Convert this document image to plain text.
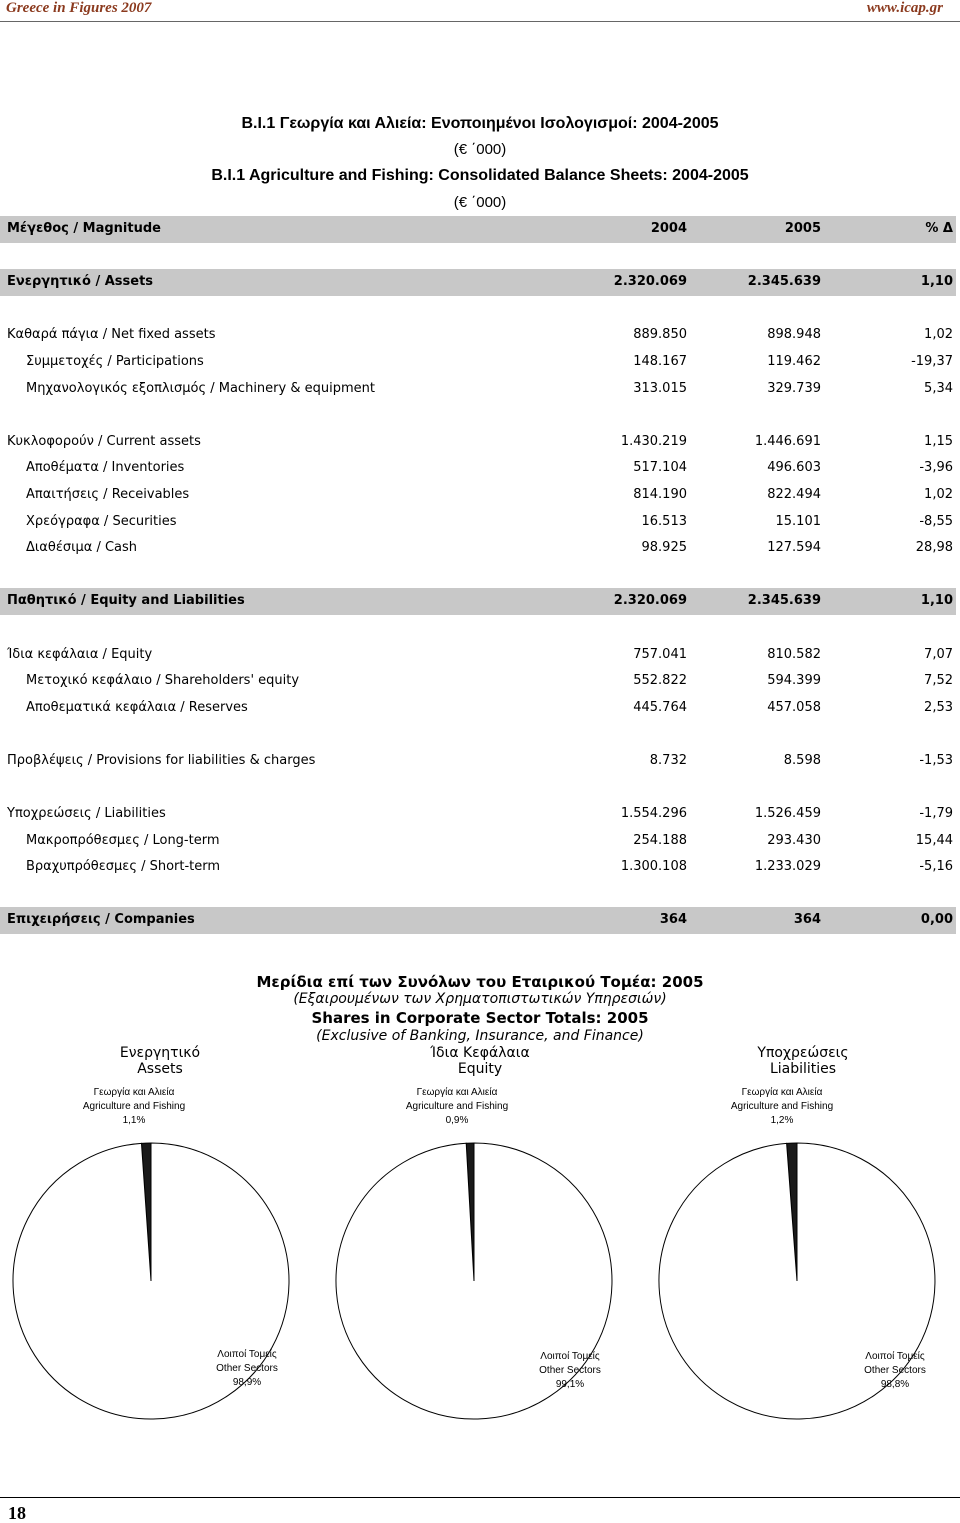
Greece in Figures 2007	www.icap.gr
B.I.1 Γεωργία και Αλιεία: Ενοποιημένοι Ισολογισμοί: 2004-2005
(€ ΄000)
B.I.1 Agriculture and Fishing: Consolidated Balance Sheets: 2004-2005
(€ ΄000)
Μέγεθος / Magnitude	2004	2005	% Δ
Ενεργητικό / Assets	2.320.069	2.345.639	1,10
Καθαρά πάγια / Net fixed assets	889.850	898.948	1,02
Συμμετοχές / Participations	148.167	119.462	-19,37
Μηχανολογικός εξοπλισμός / Machinery & equipment	313.015	329.739	5,34
Κυκλοφορούν / Current assets	1.430.219	1.446.691	1,15
Αποθέματα / Inventories	517.104	496.603	-3,96
Απαιτήσεις / Receivables	814.190	822.494	1,02
Χρεόγραφα / Securities	16.513	15.101	-8,55
Διαθέσιμα / Cash	98.925	127.594	28,98
Παθητικό / Equity and Liabilities	2.320.069	2.345.639	1,10
Ίδια κεφάλαια / Equity	757.041	810.582	7,07
Μετοχικό κεφάλαιο / Shareholders' equity	552.822	594.399	7,52
Αποθεματικά κεφάλαια / Reserves	445.764	457.058	2,53
Προβλέψεις / Provisions for liabilities & charges	8.732	8.598	-1,53
Υποχρεώσεις / Liabilities	1.554.296	1.526.459	-1,79
Μακροπρόθεσμες / Long-term	254.188	293.430	15,44
Βραχυπρόθεσμες / Short-term	1.300.108	1.233.029	-5,16
Επιχειρήσεις / Companies	364	364	0,00
Μερίδια επί των Συνόλων του Εταιρικού Τομέα: 2005
(Εξαιρουμένων των Χρηματοπιστωτικών Υπηρεσιών)
Shares in Corporate Sector Totals: 2005
(Exclusive of Banking, Insurance, and Finance)
Ενεργητικό
Assets
Γεωργία και Αλιεία
Agriculture and Fishing
1,1%
Λοιποί Τομείς
Other Sectors
98,9%
Ίδια Κεφάλαια
Equity
Γεωργία και Αλιεία
Agriculture and Fishing
0,9%
Λοιποί Τομείς
Other Sectors
99,1%
Υποχρεώσεις
Liabilities
Γεωργία και Αλιεία
Agriculture and Fishing
1,2%
Λοιποί Τομείς
Other Sectors
98,8%
18
